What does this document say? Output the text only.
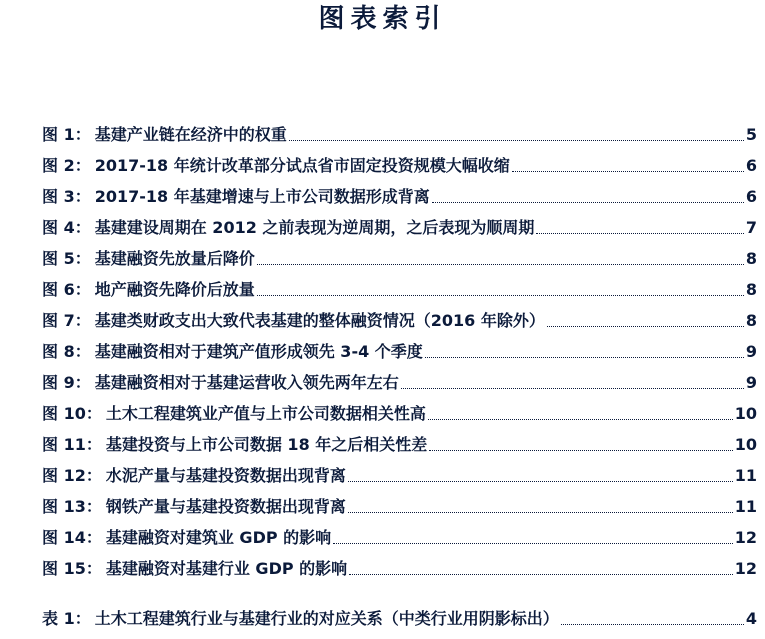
图表索引
图 1 ： 基建产业链在经济中的权重	5
图 2 ： 2017-18 年统计改革部分试点省市固定投资规模大幅收缩	6
图 3 ： 2017-18 年基建增速与上市公司数据形成背离	6
图 4 ： 基建建设周期在 2012 之前表现为逆周期，之后表现为顺周期	7
图 5 ： 基建融资先放量后降价	8
图 6 ： 地产融资先降价后放量	8
图 7 ： 基建类财政支出大致代表基建的整体融资情况（2016 年除外）	8
图 8 ： 基建融资相对于建筑产值形成领先 3-4 个季度	9
图 9 ： 基建融资相对于基建运营收入领先两年左右	9
图 10 ： 土木工程建筑业产值与上市公司数据相关性高	10
图 11 ： 基建投资与上市公司数据 18 年之后相关性差	10
图 12 ： 水泥产量与基建投资数据出现背离	11
图 13 ： 钢铁产量与基建投资数据出现背离	11
图 14 ： 基建融资对建筑业 GDP 的影响	12
图 15 ： 基建融资对基建行业 GDP 的影响	12
表 1 ： 土木工程建筑行业与基建行业的对应关系（中类行业用阴影标出）	4
